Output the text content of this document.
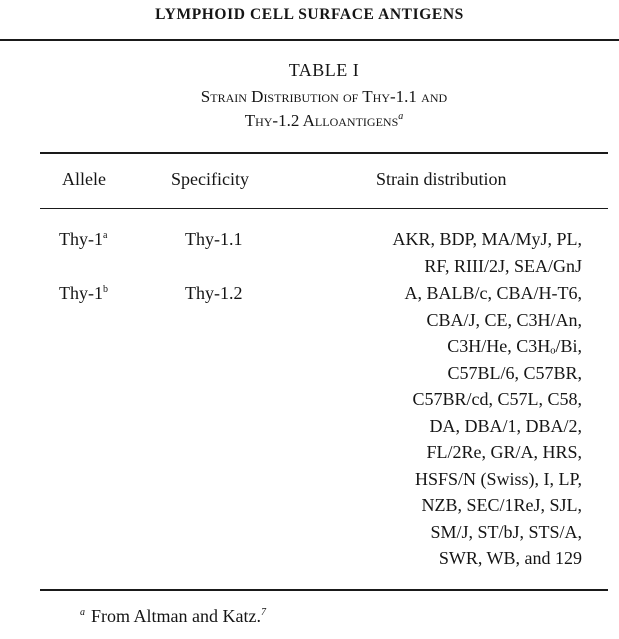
LYMPHOID CELL SURFACE ANTIGENS
TABLE I
Strain Distribution of Thy-1.1 and
Thy-1.2 Alloantigens$^a$
Allele	Specificity	Strain distribution
Thy-1$^a$	Thy-1.1	AKR, BDP, MA/MyJ, PL,
RF, RIII/2J, SEA/GnJ
Thy-1$^b$	Thy-1.2	A, BALB/c, CBA/H-T6,
CBA/J, CE, C3H/An,
C3H/He, C3Hₒ/Bi,
C57BL/6, C57BR,
C57BR/cd, C57L, C58,
DA, DBA/1, DBA/2,
FL/2Re, GR/A, HRS,
HSFS/N (Swiss), I, LP,
NZB, SEC/1ReJ, SJL,
SM/J, ST/bJ, STS/A,
SWR, WB, and 129
$^a$ From Altman and Katz.$^7$
